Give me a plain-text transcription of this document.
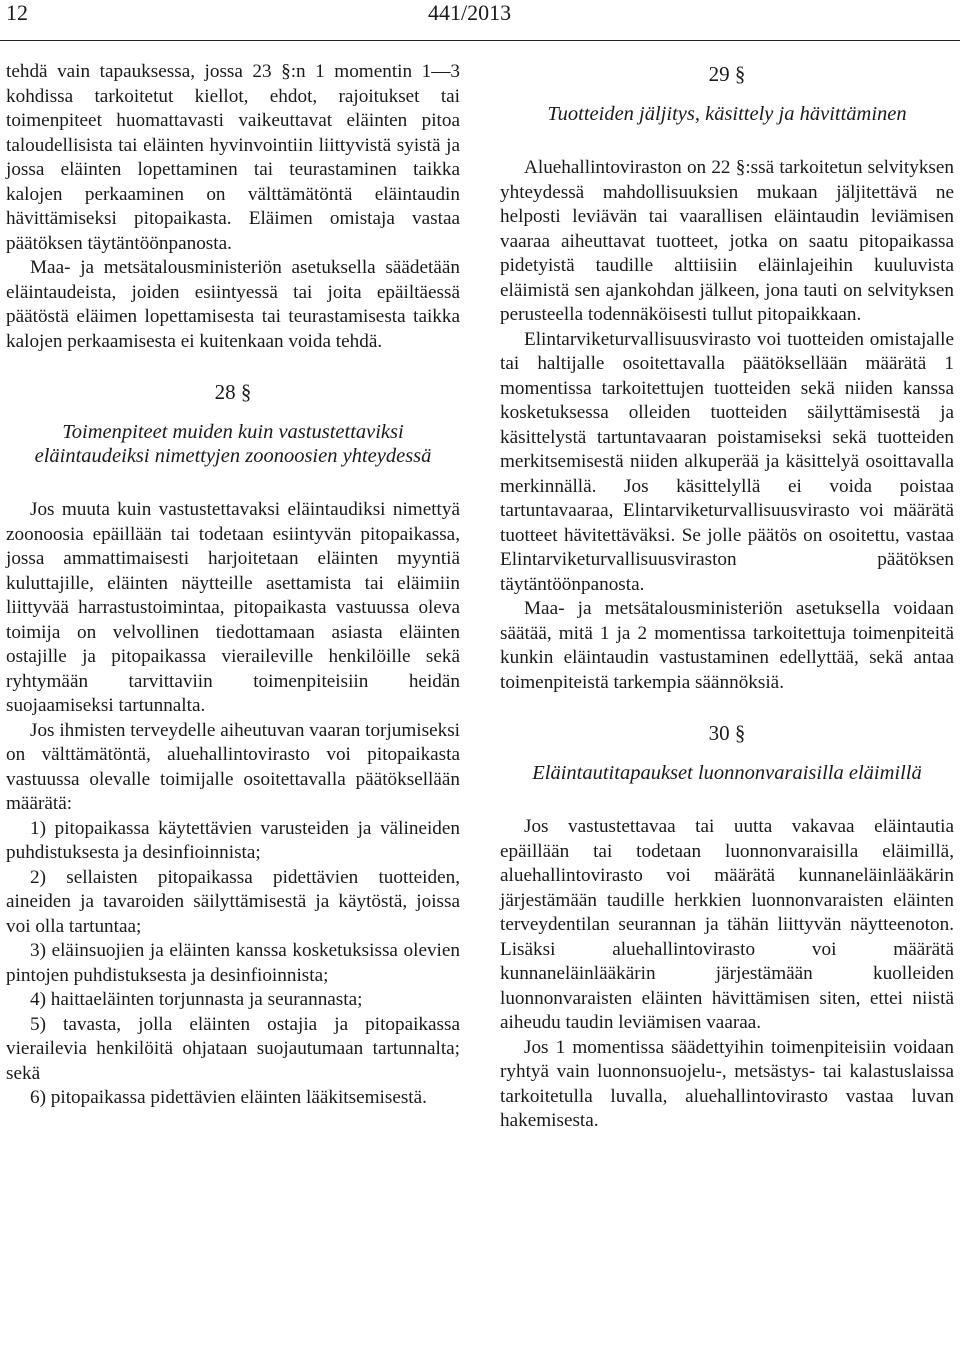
12	441/2013

tehdä vain tapauksessa, jossa 23 §:n 1 momentin 1—3 kohdissa tarkoitetut kiellot, ehdot, rajoitukset tai toimenpiteet huomattavasti vaikeuttavat eläinten pitoa taloudellisista tai eläinten hyvinvointiin liittyvistä syistä ja jossa eläinten lopettaminen tai teurastaminen taikka kalojen perkaaminen on välttämätöntä eläintaudin hävittämiseksi pitopaikasta. Eläimen omistaja vastaa päätöksen täytäntöönpanosta.

Maa- ja metsätalousministeriön asetuksella säädetään eläintaudeista, joiden esiintyessä tai joita epäiltäessä päätöstä eläimen lopettamisesta tai teurastamisesta taikka kalojen perkaamisesta ei kuitenkaan voida tehdä.

28 §
Toimenpiteet muiden kuin vastustettaviksi eläintaudeiksi nimettyjen zoonoosien yhteydessä

Jos muuta kuin vastustettavaksi eläintaudiksi nimettyä zoonoosia epäillään tai todetaan esiintyvän pitopaikassa, jossa ammattimaisesti harjoitetaan eläinten myyntiä kuluttajille, eläinten näytteille asettamista tai eläimiin liittyvää harrastustoimintaa, pitopaikasta vastuussa oleva toimija on velvollinen tiedottamaan asiasta eläinten ostajille ja pitopaikassa vieraileville henkilöille sekä ryhtymään tarvittaviin toimenpiteisiin heidän suojaamiseksi tartunnalta.

Jos ihmisten terveydelle aiheutuvan vaaran torjumiseksi on välttämätöntä, aluehallintovirasto voi pitopaikasta vastuussa olevalle toimijalle osoitettavalla päätöksellään määrätä:

1) pitopaikassa käytettävien varusteiden ja välineiden puhdistuksesta ja desinfioinnista;

2) sellaisten pitopaikassa pidettävien tuotteiden, aineiden ja tavaroiden säilyttämisestä ja käytöstä, joissa voi olla tartuntaa;

3) eläinsuojien ja eläinten kanssa kosketuksissa olevien pintojen puhdistuksesta ja desinfioinnista;

4) haittaeläinten torjunnasta ja seurannasta;

5) tavasta, jolla eläinten ostajia ja pitopaikassa vierailevia henkilöitä ohjataan suojautumaan tartunnalta; sekä

6) pitopaikassa pidettävien eläinten lääkitsemisestä.

29 §
Tuotteiden jäljitys, käsittely ja hävittäminen

Aluehallintoviraston on 22 §:ssä tarkoitetun selvityksen yhteydessä mahdollisuuksien mukaan jäljitettävä ne helposti leviävän tai vaarallisen eläintaudin leviämisen vaaraa aiheuttavat tuotteet, jotka on saatu pitopaikassa pidetyistä taudille alttiisiin eläinlajeihin kuuluvista eläimistä sen ajankohdan jälkeen, jona tauti on selvityksen perusteella todennäköisesti tullut pitopaikkaan.

Elintarviketurvallisuusvirasto voi tuotteiden omistajalle tai haltijalle osoitettavalla päätöksellään määrätä 1 momentissa tarkoitettujen tuotteiden sekä niiden kanssa kosketuksessa olleiden tuotteiden säilyttämisestä ja käsittelystä tartuntavaaran poistamiseksi sekä tuotteiden merkitsemisestä niiden alkuperää ja käsittelyä osoittavalla merkinnällä. Jos käsittelyllä ei voida poistaa tartuntavaaraa, Elintarviketurvallisuusvirasto voi määrätä tuotteet hävitettäväksi. Se jolle päätös on osoitettu, vastaa Elintarviketurvallisuusviraston päätöksen täytäntöönpanosta.

Maa- ja metsätalousministeriön asetuksella voidaan säätää, mitä 1 ja 2 momentissa tarkoitettuja toimenpiteitä kunkin eläintaudin vastustaminen edellyttää, sekä antaa toimenpiteistä tarkempia säännöksiä.

30 §
Eläintautitapaukset luonnonvaraisilla eläimillä

Jos vastustettavaa tai uutta vakavaa eläintautia epäillään tai todetaan luonnonvaraisilla eläimillä, aluehallintovirasto voi määrätä kunnaneläinlääkärin järjestämään taudille herkkien luonnonvaraisten eläinten terveydentilan seurannan ja tähän liittyvän näytteenoton. Lisäksi aluehallintovirasto voi määrätä kunnaneläinlääkärin järjestämään kuolleiden luonnonvaraisten eläinten hävittämisen siten, ettei niistä aiheudu taudin leviämisen vaaraa.

Jos 1 momentissa säädettyihin toimenpiteisiin voidaan ryhtyä vain luonnonsuojelu-, metsästys- tai kalastuslaissa tarkoitetulla luvalla, aluehallintovirasto vastaa luvan hakemisesta.
